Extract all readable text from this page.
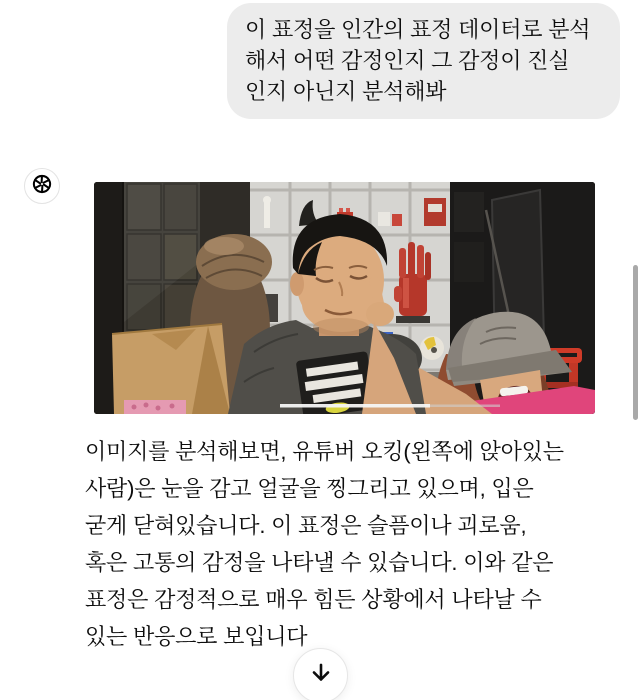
이 표정을 인간의 표정 데이터로 분석
해서 어떤 감정인지 그 감정이 진실
인지 아닌지 분석해봐
이미지를 분석해보면, 유튜버 오킹(왼쪽에 앉아있는
사람)은 눈을 감고 얼굴을 찡그리고 있으며, 입은
굳게 닫혀있습니다. 이 표정은 슬픔이나 괴로움,
혹은 고통의 감정을 나타낼 수 있습니다. 이와 같은
표정은 감정적으로 매우 힘든 상황에서 나타날 수
있는 반응으로 보입니다
